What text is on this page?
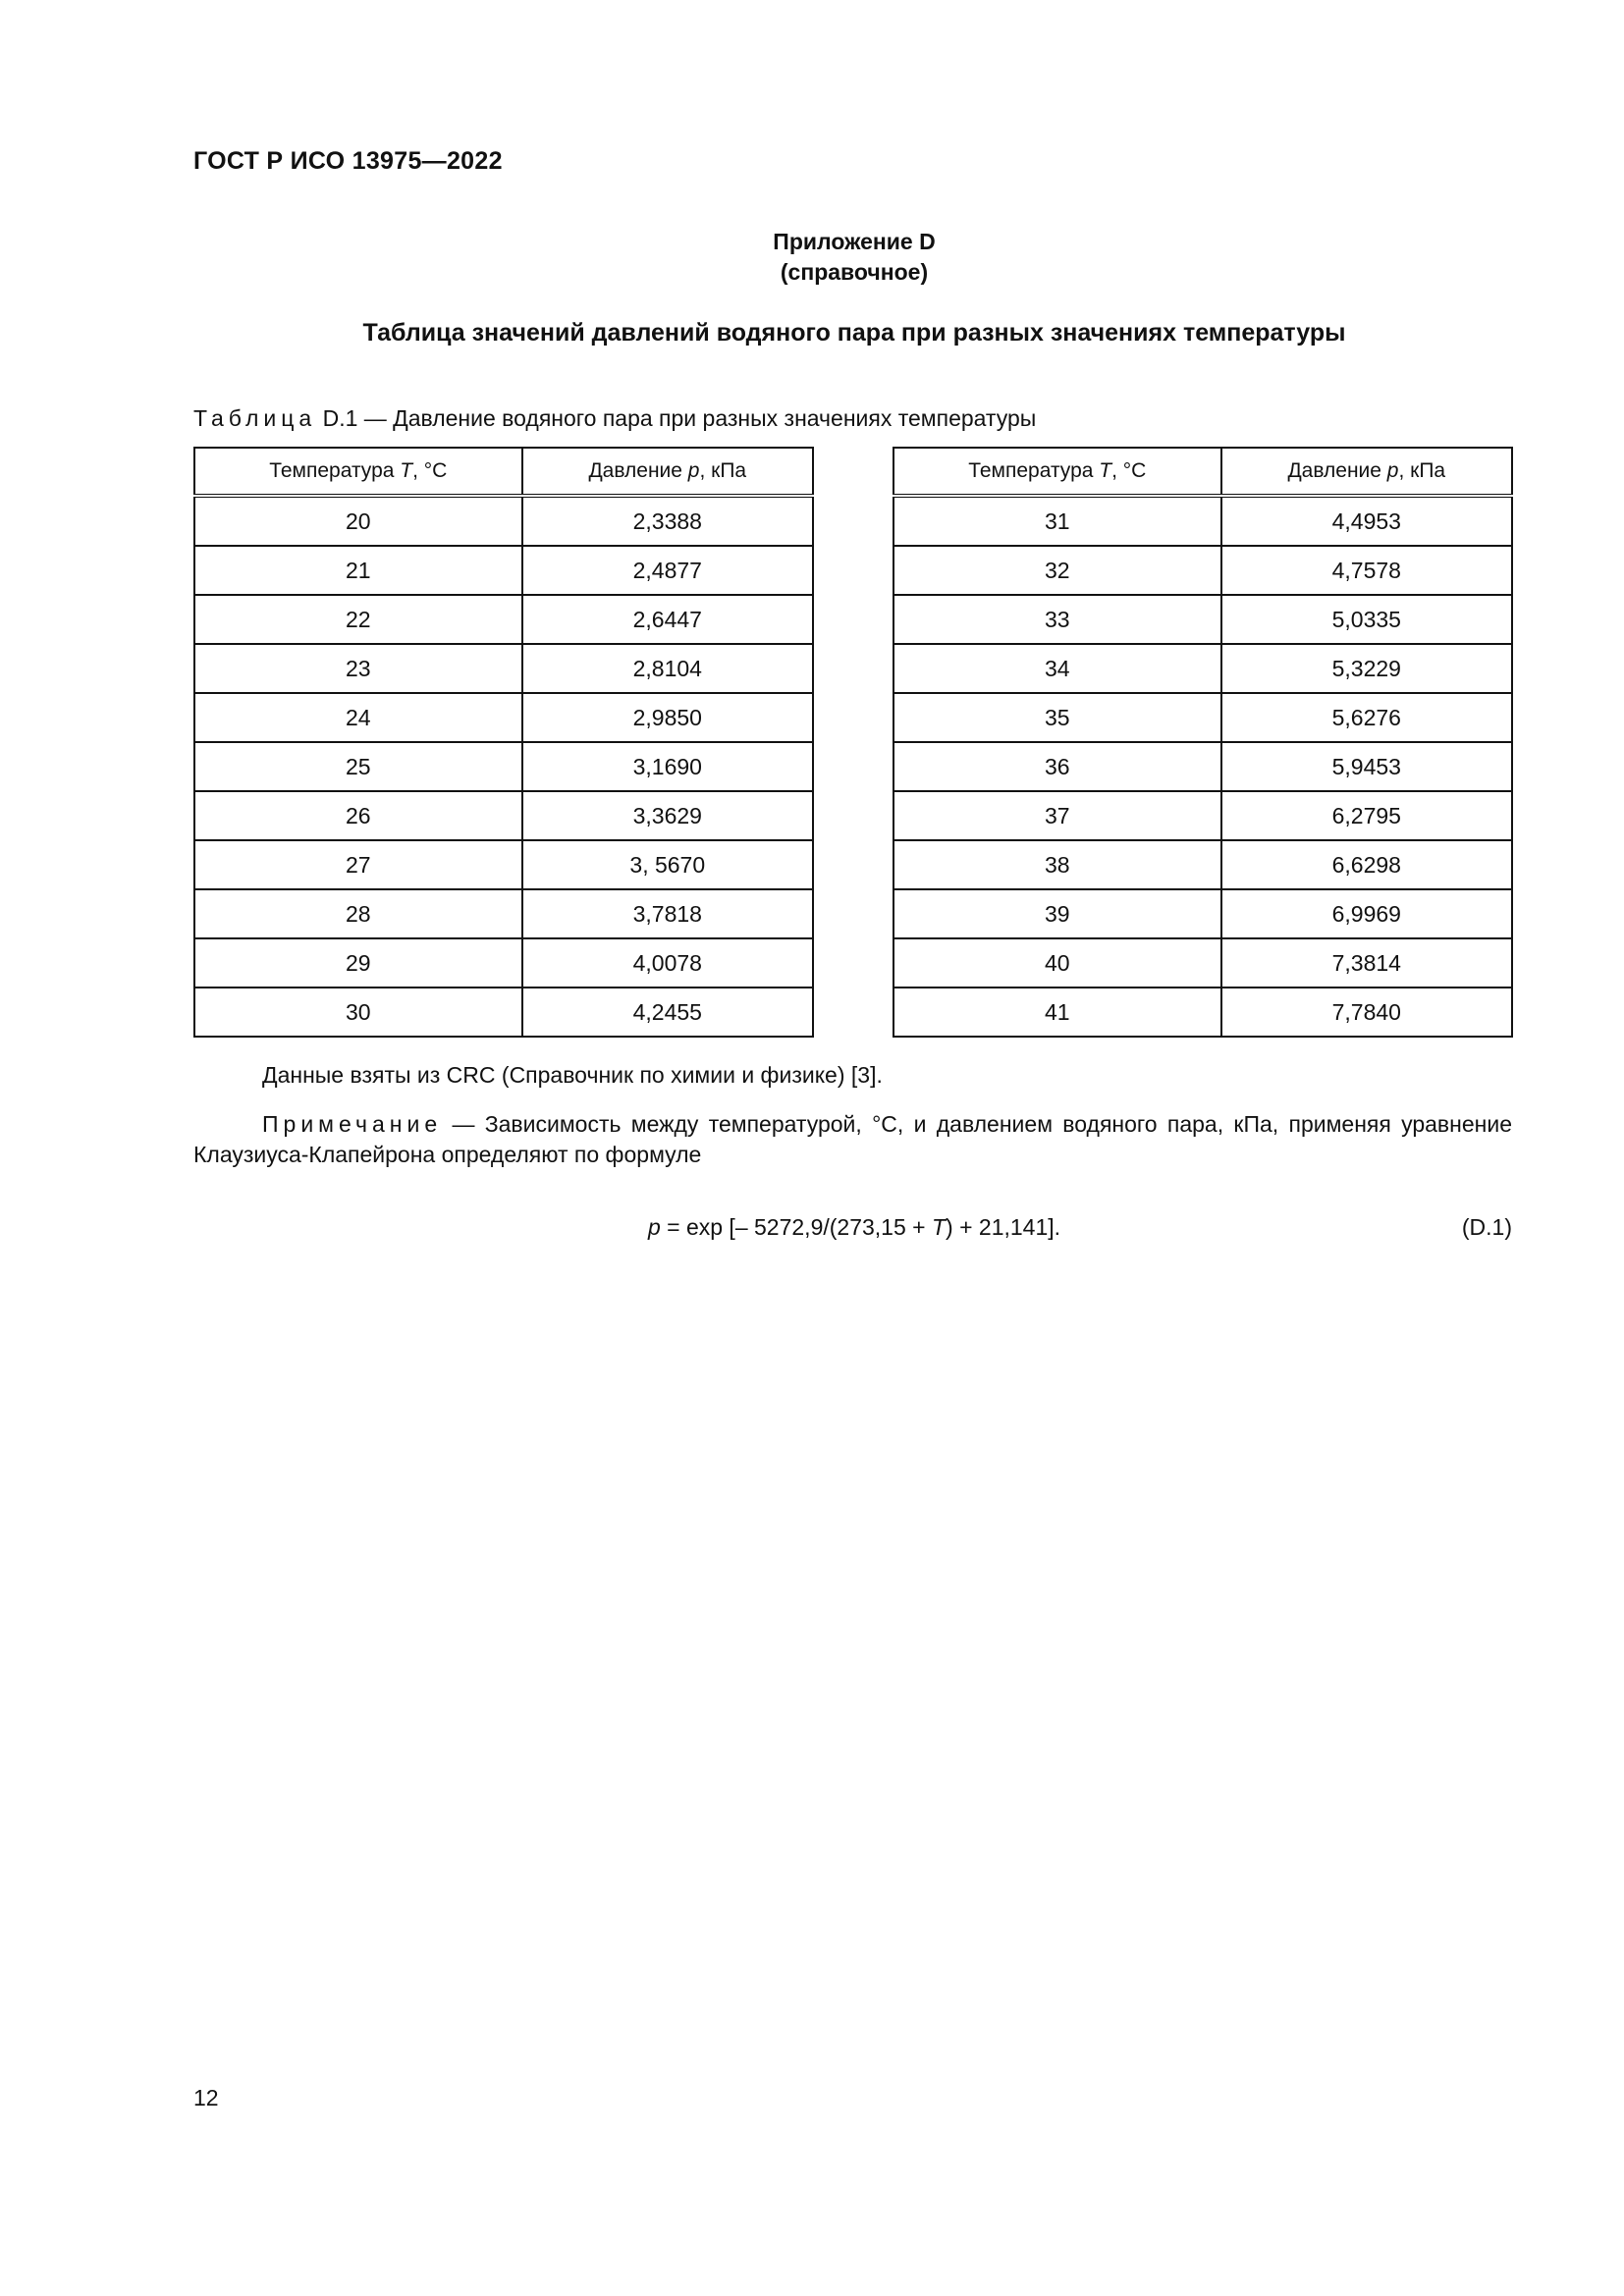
ГОСТ Р ИСО 13975—2022
Приложение D
(справочное)
Таблица значений давлений водяного пара при разных значениях температуры
Таблица D.1 — Давление водяного пара при разных значениях температуры
Температура T, °C	Давление p, кПа
20	2,3388
21	2,4877
22	2,6447
23	2,8104
24	2,9850
25	3,1690
26	3,3629
27	3, 5670
28	3,7818
29	4,0078
30	4,2455
Температура T, °C	Давление p, кПа
31	4,4953
32	4,7578
33	5,0335
34	5,3229
35	5,6276
36	5,9453
37	6,2795
38	6,6298
39	6,9969
40	7,3814
41	7,7840
Данные взяты из CRC (Справочник по химии и физике) [3].
Примечание — Зависимость между температурой, °C, и давлением водяного пара, кПа, применяя уравнение Клаузиуса-Клапейрона определяют по формуле
p = exp [– 5272,9/(273,15 + T) + 21,141].	(D.1)
12
